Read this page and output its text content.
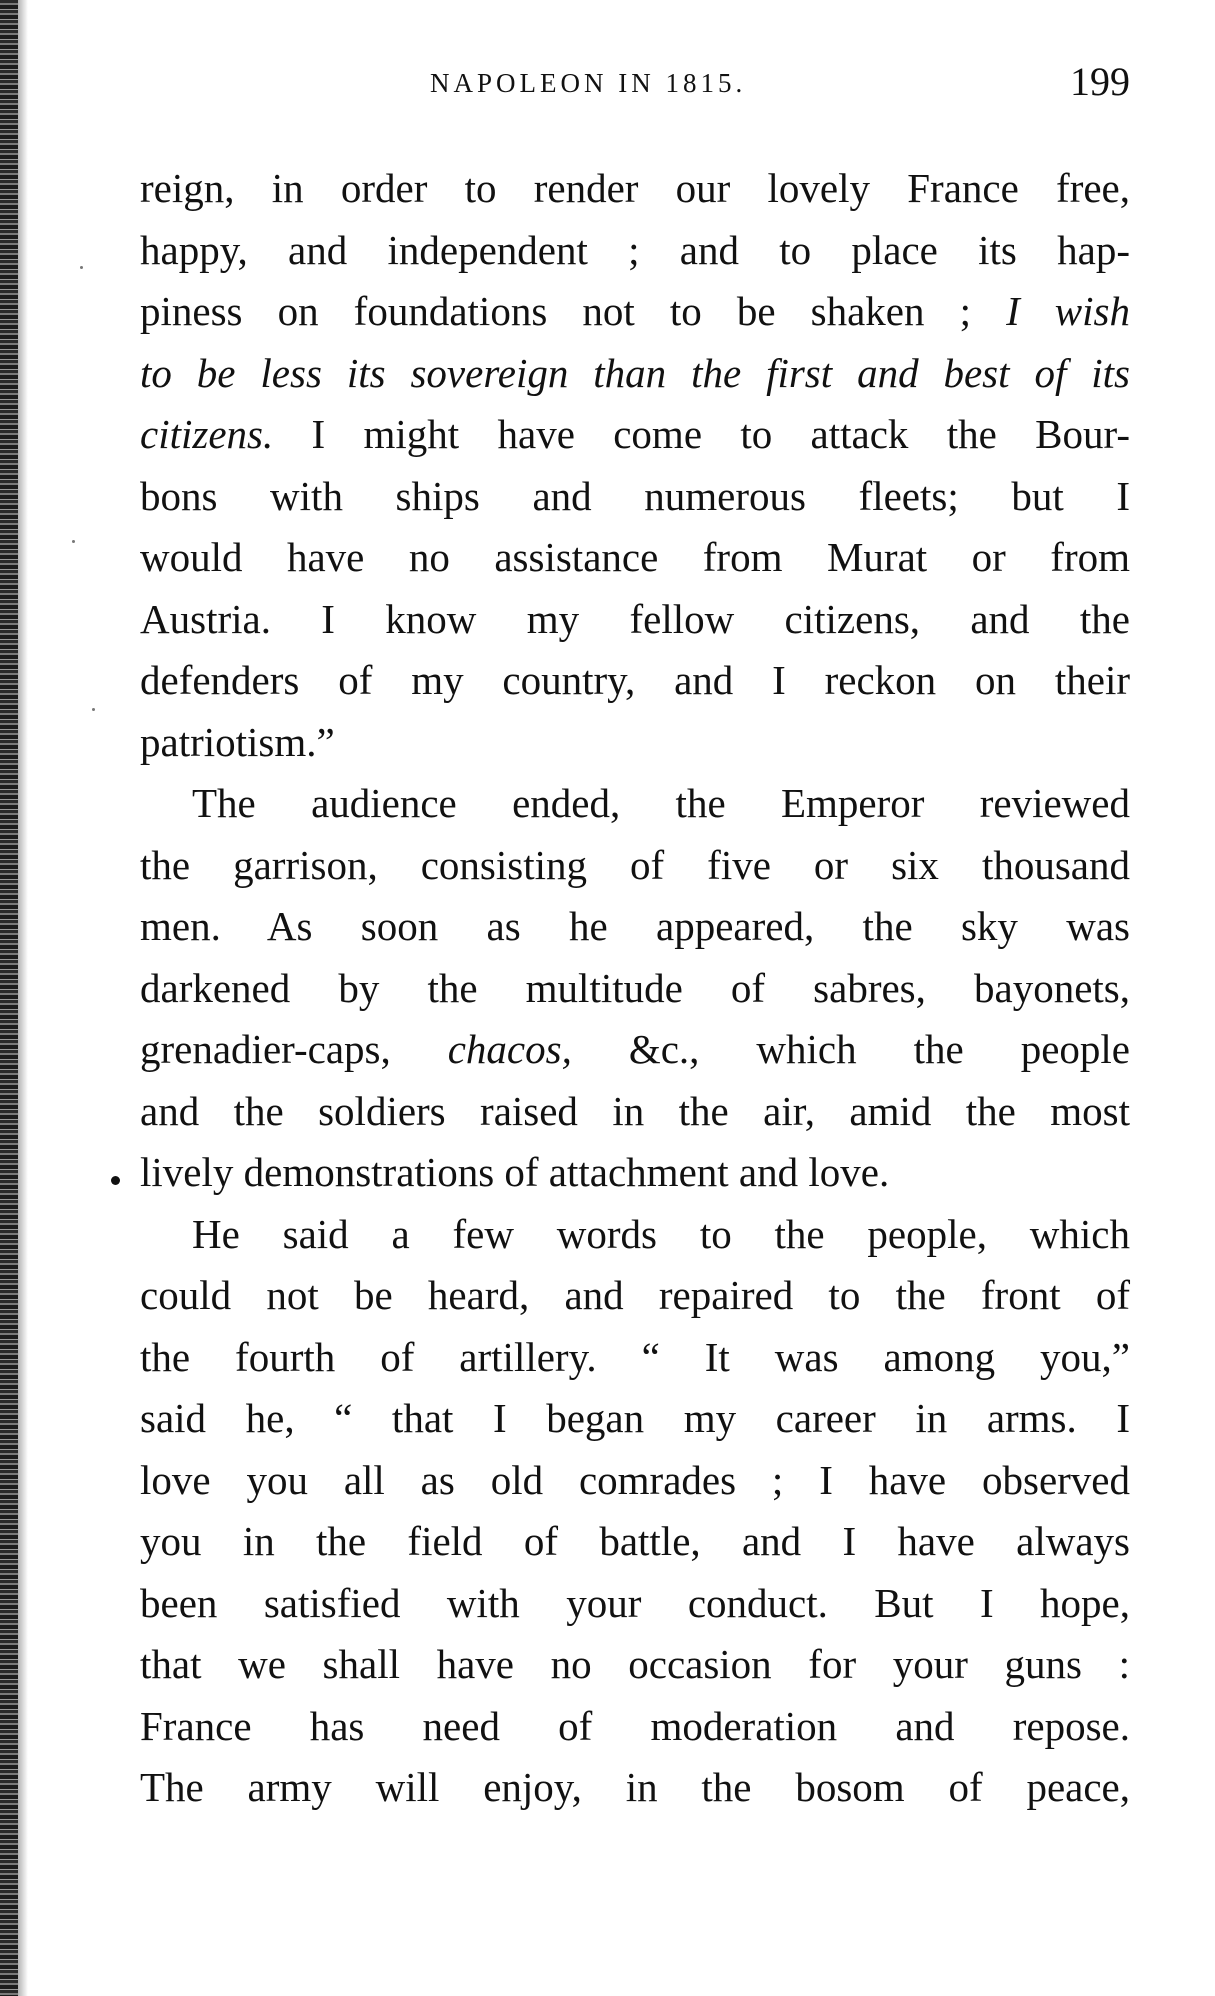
NAPOLEON IN 1815.	199
reign, in order to render our lovely France free,
happy, and independent ; and to place its hap-
piness on foundations not to be shaken ; I wish
to be less its sovereign than the first and best of its
citizens. I might have come to attack the Bour-
bons with ships and numerous fleets; but I
would have no assistance from Murat or from
Austria. I know my fellow citizens, and the
defenders of my country, and I reckon on their
patriotism.”
The audience ended, the Emperor reviewed
the garrison, consisting of five or six thousand
men. As soon as he appeared, the sky was
darkened by the multitude of sabres, bayonets,
grenadier-caps, chacos, &c., which the people
and the soldiers raised in the air, amid the most
lively demonstrations of attachment and love.
He said a few words to the people, which
could not be heard, and repaired to the front of
the fourth of artillery. “ It was among you,”
said he, “ that I began my career in arms. I
love you all as old comrades ; I have observed
you in the field of battle, and I have always
been satisfied with your conduct. But I hope,
that we shall have no occasion for your guns :
France has need of moderation and repose.
The army will enjoy, in the bosom of peace,
